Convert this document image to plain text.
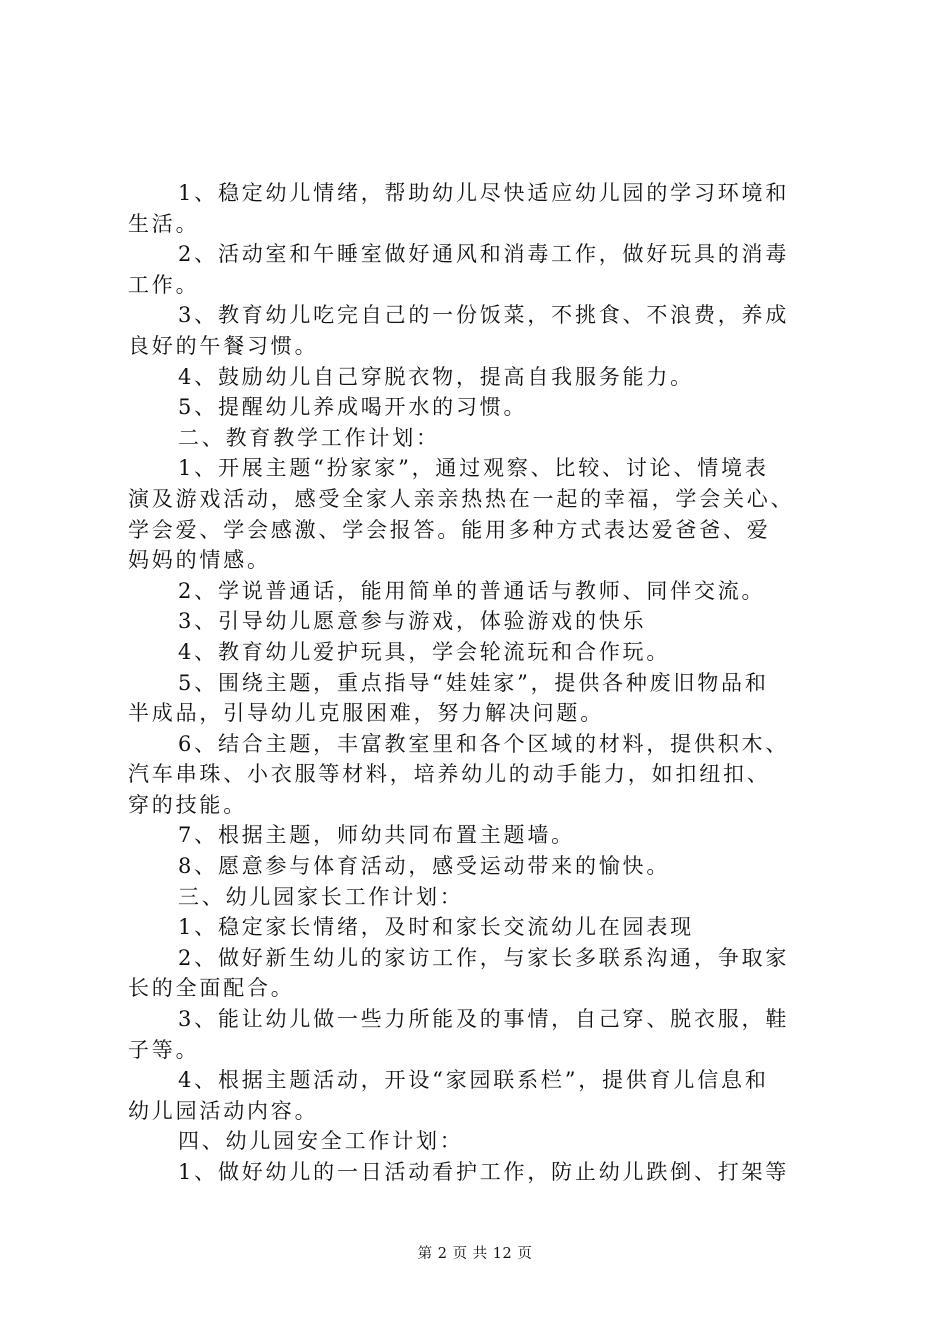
1、稳定幼儿情绪，帮助幼儿尽快适应幼儿园的学习环境和
生活。
2、活动室和午睡室做好通风和消毒工作，做好玩具的消毒
工作。
3、教育幼儿吃完自己的一份饭菜，不挑食、不浪费，养成
良好的午餐习惯。
4、鼓励幼儿自己穿脱衣物，提高自我服务能力。
5、提醒幼儿养成喝开水的习惯。
二、教育教学工作计划：
1、开展主题“扮家家”，通过观察、比较、讨论、情境表
演及游戏活动，感受全家人亲亲热热在一起的幸福，学会关心、
学会爱、学会感激、学会报答。能用多种方式表达爱爸爸、爱
妈妈的情感。
2、学说普通话，能用简单的普通话与教师、同伴交流。
3、引导幼儿愿意参与游戏，体验游戏的快乐
4、教育幼儿爱护玩具，学会轮流玩和合作玩。
5、围绕主题，重点指导“娃娃家”，提供各种废旧物品和
半成品，引导幼儿克服困难，努力解决问题。
6、结合主题，丰富教室里和各个区域的材料，提供积木、
汽车串珠、小衣服等材料，培养幼儿的动手能力，如扣纽扣、
穿的技能。
7、根据主题，师幼共同布置主题墙。
8、愿意参与体育活动，感受运动带来的愉快。
三、幼儿园家长工作计划：
1、稳定家长情绪，及时和家长交流幼儿在园表现
2、做好新生幼儿的家访工作，与家长多联系沟通，争取家
长的全面配合。
3、能让幼儿做一些力所能及的事情，自己穿、脱衣服，鞋
子等。
4、根据主题活动，开设“家园联系栏”，提供育儿信息和
幼儿园活动内容。
四、幼儿园安全工作计划：
1、做好幼儿的一日活动看护工作，防止幼儿跌倒、打架等
第 2 页 共 12 页
